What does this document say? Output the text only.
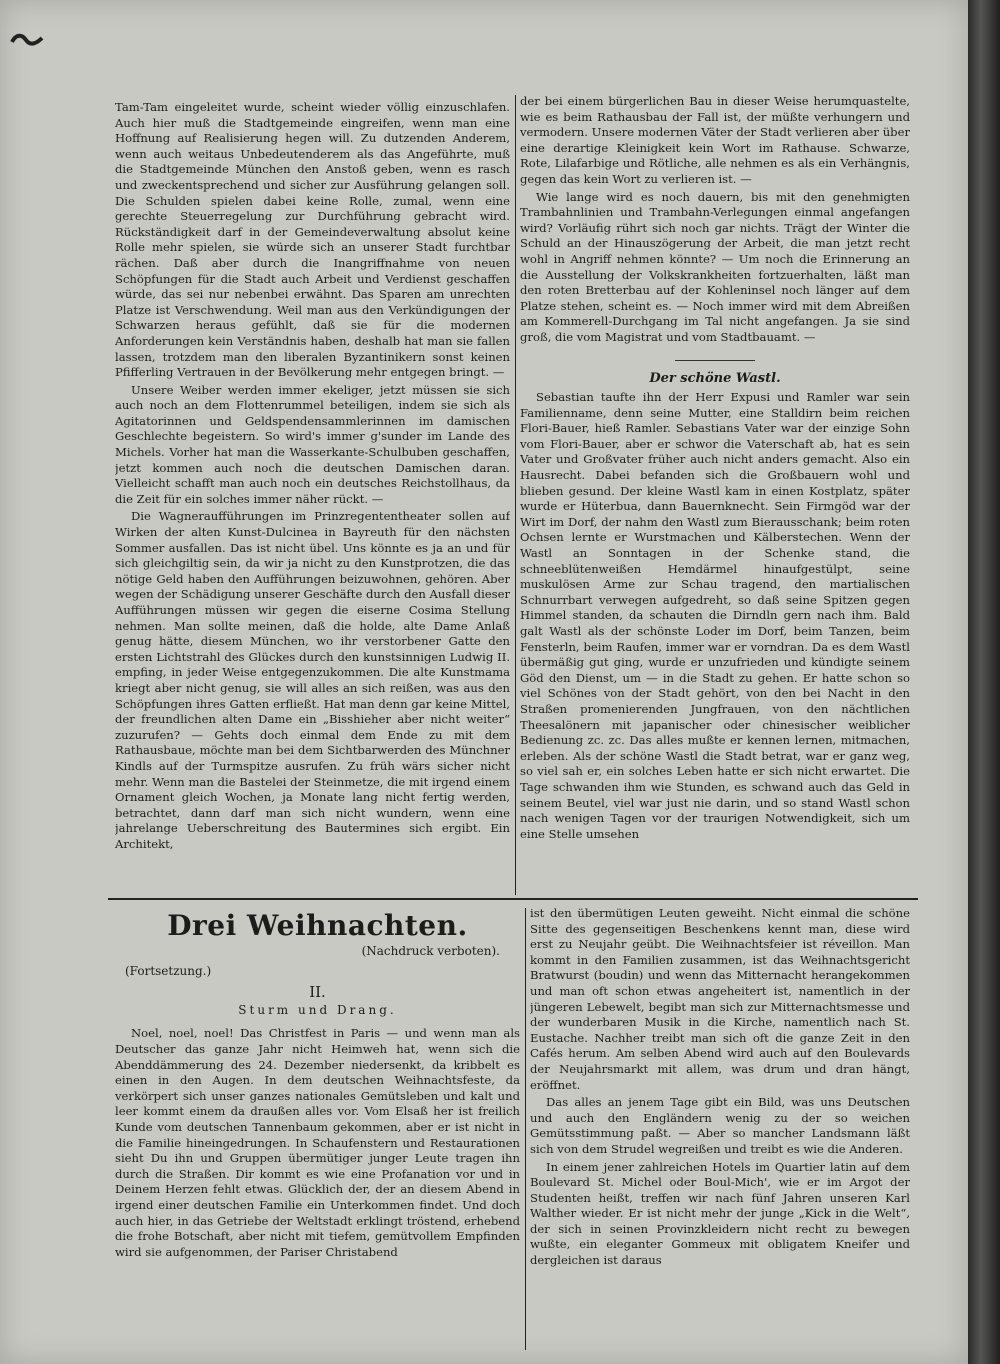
Tam-Tam eingeleitet wurde, scheint wieder völlig einzuschlafen. Auch hier muß die Stadtgemeinde eingreifen, wenn man eine Hoffnung auf Realisierung hegen will. Zu dutzenden Anderem, wenn auch weitaus Unbedeutenderem als das Angeführte, muß die Stadtgemeinde München den Anstoß geben, wenn es rasch und zweckentsprechend und sicher zur Ausführung gelangen soll. Die Schulden spielen dabei keine Rolle, zumal, wenn eine gerechte Steuerregelung zur Durchführung gebracht wird. Rückständigkeit darf in der Gemeindeverwaltung absolut keine Rolle mehr spielen, sie würde sich an unserer Stadt furchtbar rächen. Daß aber durch die Inangriffnahme von neuen Schöpfungen für die Stadt auch Arbeit und Verdienst geschaffen würde, das sei nur nebenbei erwähnt. Das Sparen am unrechten Platze ist Verschwendung. Weil man aus den Verkündigungen der Schwarzen heraus gefühlt, daß sie für die modernen Anforderungen kein Verständnis haben, deshalb hat man sie fallen lassen, trotzdem man den liberalen Byzantinikern sonst keinen Pfifferling Vertrauen in der Bevölkerung mehr entgegen bringt. —

Unsere Weiber werden immer ekeliger, jetzt müssen sie sich auch noch an dem Flottenrummel beteiligen, indem sie sich als Agitatorinnen und Geldspendensammlerinnen im damischen Geschlechte begeistern. So wird's immer g'sunder im Lande des Michels. Vorher hat man die Wasserkante-Schulbuben geschaffen, jetzt kommen auch noch die deutschen Damischen daran. Vielleicht schafft man auch noch ein deutsches Reichstollhaus, da die Zeit für ein solches immer näher rückt. —

Die Wagneraufführungen im Prinzregententheater sollen auf Wirken der alten Kunst-Dulcinea in Bayreuth für den nächsten Sommer ausfallen. Das ist nicht übel. Uns könnte es ja an und für sich gleichgiltig sein, da wir ja nicht zu den Kunstprotzen, die das nötige Geld haben den Aufführungen beizuwohnen, gehören. Aber wegen der Schädigung unserer Geschäfte durch den Ausfall dieser Aufführungen müssen wir gegen die eiserne Cosima Stellung nehmen. Man sollte meinen, daß die holde, alte Dame Anlaß genug hätte, diesem München, wo ihr verstorbener Gatte den ersten Lichtstrahl des Glückes durch den kunstsinnigen Ludwig II. empfing, in jeder Weise entgegenzukommen. Die alte Kunstmama kriegt aber nicht genug, sie will alles an sich reißen, was aus den Schöpfungen ihres Gatten erfließt. Hat man denn gar keine Mittel, der freundlichen alten Dame ein „Bisshieher aber nicht weiter“ zuzurufen? — Gehts doch einmal dem Ende zu mit dem Rathausbaue, möchte man bei dem Sichtbarwerden des Münchner Kindls auf der Turmspitze ausrufen. Zu früh wärs sicher nicht mehr. Wenn man die Bastelei der Steinmetze, die mit irgend einem Ornament gleich Wochen, ja Monate lang nicht fertig werden, betrachtet, dann darf man sich nicht wundern, wenn eine jahrelange Ueberschreitung des Bautermines sich ergibt. Ein Architekt,

der bei einem bürgerlichen Bau in dieser Weise herumquastelte, wie es beim Rathausbau der Fall ist, der müßte verhungern und vermodern. Unsere modernen Väter der Stadt verlieren aber über eine derartige Kleinigkeit kein Wort im Rathause. Schwarze, Rote, Lilafarbige und Rötliche, alle nehmen es als ein Verhängnis, gegen das kein Wort zu verlieren ist. —

Wie lange wird es noch dauern, bis mit den genehmigten Trambahnlinien und Trambahn-Verlegungen einmal angefangen wird? Vorläufig rührt sich noch gar nichts. Trägt der Winter die Schuld an der Hinauszögerung der Arbeit, die man jetzt recht wohl in Angriff nehmen könnte? — Um noch die Erinnerung an die Ausstellung der Volkskrankheiten fortzuerhalten, läßt man den roten Bretterbau auf der Kohleninsel noch länger auf dem Platze stehen, scheint es. — Noch immer wird mit dem Abreißen am Kommerell-Durchgang im Tal nicht angefangen. Ja sie sind groß, die vom Magistrat und vom Stadtbauamt. —

Der schöne Wastl.

Sebastian taufte ihn der Herr Expusi und Ramler war sein Familienname, denn seine Mutter, eine Stalldirn beim reichen Flori-Bauer, hieß Ramler. Sebastians Vater war der einzige Sohn vom Flori-Bauer, aber er schwor die Vaterschaft ab, hat es sein Vater und Großvater früher auch nicht anders gemacht. Also ein Hausrecht. Dabei befanden sich die Großbauern wohl und blieben gesund. Der kleine Wastl kam in einen Kostplatz, später wurde er Hüterbua, dann Bauernknecht. Sein Firmgöd war der Wirt im Dorf, der nahm den Wastl zum Bierausschank; beim roten Ochsen lernte er Wurstmachen und Kälberstechen. Wenn der Wastl an Sonntagen in der Schenke stand, die schneeblütenweißen Hemdärmel hinaufgestülpt, seine muskulösen Arme zur Schau tragend, den martialischen Schnurrbart verwegen aufgedreht, so daß seine Spitzen gegen Himmel standen, da schauten die Dirndln gern nach ihm. Bald galt Wastl als der schönste Loder im Dorf, beim Tanzen, beim Fensterln, beim Raufen, immer war er vorndran. Da es dem Wastl übermäßig gut ging, wurde er unzufrieden und kündigte seinem Göd den Dienst, um — in die Stadt zu gehen. Er hatte schon so viel Schönes von der Stadt gehört, von den bei Nacht in den Straßen promenierenden Jungfrauen, von den nächtlichen Theesalönern mit japanischer oder chinesischer weiblicher Bedienung zc. zc. Das alles mußte er kennen lernen, mitmachen, erleben. Als der schöne Wastl die Stadt betrat, war er ganz weg, so viel sah er, ein solches Leben hatte er sich nicht erwartet. Die Tage schwanden ihm wie Stunden, es schwand auch das Geld in seinem Beutel, viel war just nie darin, und so stand Wastl schon nach wenigen Tagen vor der traurigen Notwendigkeit, sich um eine Stelle umsehen

Drei Weihnachten.
(Nachdruck verboten).
(Fortsetzung.)
II.
Sturm und Drang.

Noel, noel, noel! Das Christfest in Paris — und wenn man als Deutscher das ganze Jahr nicht Heimweh hat, wenn sich die Abenddämmerung des 24. Dezember niedersenkt, da kribbelt es einen in den Augen. In dem deutschen Weihnachtsfeste, da verkörpert sich unser ganzes nationales Gemütsleben und kalt und leer kommt einem da draußen alles vor. Vom Elsaß her ist freilich Kunde vom deutschen Tannenbaum gekommen, aber er ist nicht in die Familie hineingedrungen. In Schaufenstern und Restaurationen sieht Du ihn und Gruppen übermütiger junger Leute tragen ihn durch die Straßen. Dir kommt es wie eine Profanation vor und in Deinem Herzen fehlt etwas. Glücklich der, der an diesem Abend in irgend einer deutschen Familie ein Unterkommen findet. Und doch auch hier, in das Getriebe der Weltstadt erklingt tröstend, erhebend die frohe Botschaft, aber nicht mit tiefem, gemütvollem Empfinden wird sie aufgenommen, der Pariser Christabend

ist den übermütigen Leuten geweiht. Nicht einmal die schöne Sitte des gegenseitigen Beschenkens kennt man, diese wird erst zu Neujahr geübt. Die Weihnachtsfeier ist réveillon. Man kommt in den Familien zusammen, ist das Weihnachtsgericht Bratwurst (boudin) und wenn das Mitternacht herangekommen und man oft schon etwas angeheitert ist, namentlich in der jüngeren Lebewelt, begibt man sich zur Mitternachtsmesse und der wunderbaren Musik in die Kirche, namentlich nach St. Eustache. Nachher treibt man sich oft die ganze Zeit in den Cafés herum. Am selben Abend wird auch auf den Boulevards der Neujahrsmarkt mit allem, was drum und dran hängt, eröffnet.

Das alles an jenem Tage gibt ein Bild, was uns Deutschen und auch den Engländern wenig zu der so weichen Gemütsstimmung paßt. — Aber so mancher Landsmann läßt sich von dem Strudel wegreißen und treibt es wie die Anderen.

In einem jener zahlreichen Hotels im Quartier latin auf dem Boulevard St. Michel oder Boul-Mich', wie er im Argot der Studenten heißt, treffen wir nach fünf Jahren unseren Karl Walther wieder. Er ist nicht mehr der junge „Kick in die Welt“, der sich in seinen Provinzkleidern nicht recht zu bewegen wußte, ein eleganter Gommeux mit obligatem Kneifer und dergleichen ist daraus
